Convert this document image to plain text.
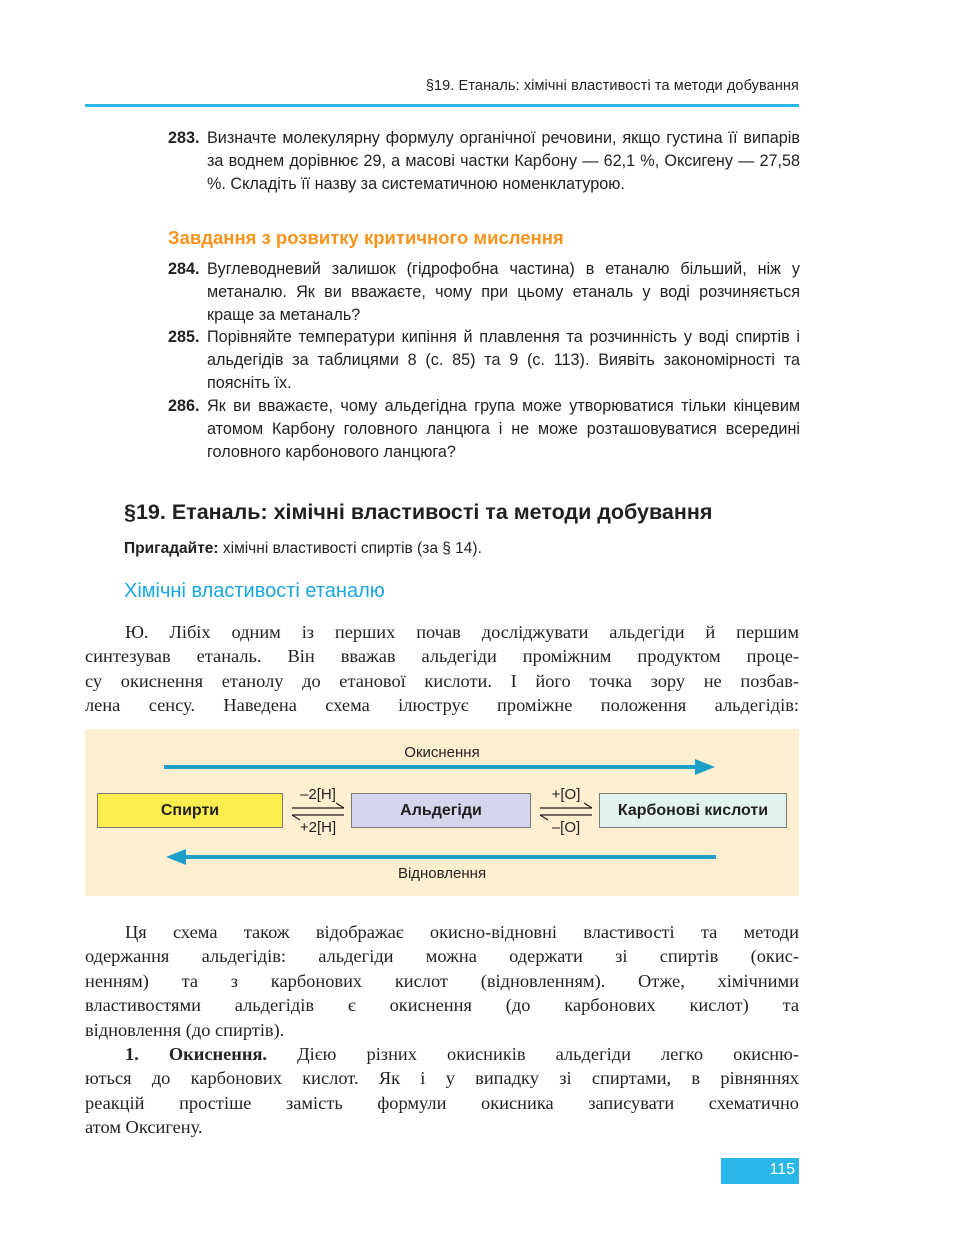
§19. Етаналь: хімічні властивості та методи добування
283. Визначте молекулярну формулу органічної речовини, якщо густина її випарів за воднем дорівнює 29, а масові частки Карбону — 62,1 %, Оксигену — 27,58 %. Складіть її назву за систематичною номенклатурою.
Завдання з розвитку критичного мислення
284. Вуглеводневий залишок (гідрофобна частина) в етаналю більший, ніж у метаналю. Як ви вважаєте, чому при цьому етаналь у воді розчиняється краще за метаналь?
285. Порівняйте температури кипіння й плавлення та розчинність у воді спиртів і альдегідів за таблицями 8 (с. 85) та 9 (с. 113). Виявіть закономірності та поясніть їх.
286. Як ви вважаєте, чому альдегідна група може утворюватися тільки кінцевим атомом Карбону головного ланцюга і не може розташовуватися всередині головного карбонового ланцюга?
§19. Етаналь: хімічні властивості та методи добування
Пригадайте: хімічні властивості спиртів (за § 14).
Хімічні властивості етаналю
Ю. Лібіх одним із перших почав досліджувати альдегіди й першим
синтезував етаналь. Він вважав альдегіди проміжним продуктом проце-
су окиснення етанолу до етанової кислоти. І його точка зору не позбав-
лена сенсу. Наведена схема ілюструє проміжне положення альдегідів:
Окиснення
Спирти	Альдегіди	Карбонові кислоти
–2[H]
+2[H]
+[O]
–[O]
Відновлення
Ця схема також відображає окисно-відновні властивості та методи
одержання альдегідів: альдегіди можна одержати зі спиртів (окис-
ненням) та з карбонових кислот (відновленням). Отже, хімічними
властивостями альдегідів є окиснення (до карбонових кислот) та
відновлення (до спиртів).
1. Окиснення. Дією різних окисників альдегіди легко окисню-
ються до карбонових кислот. Як і у випадку зі спиртами, в рівняннях
реакцій простіше замість формули окисника записувати схематично
атом Оксигену.
115
